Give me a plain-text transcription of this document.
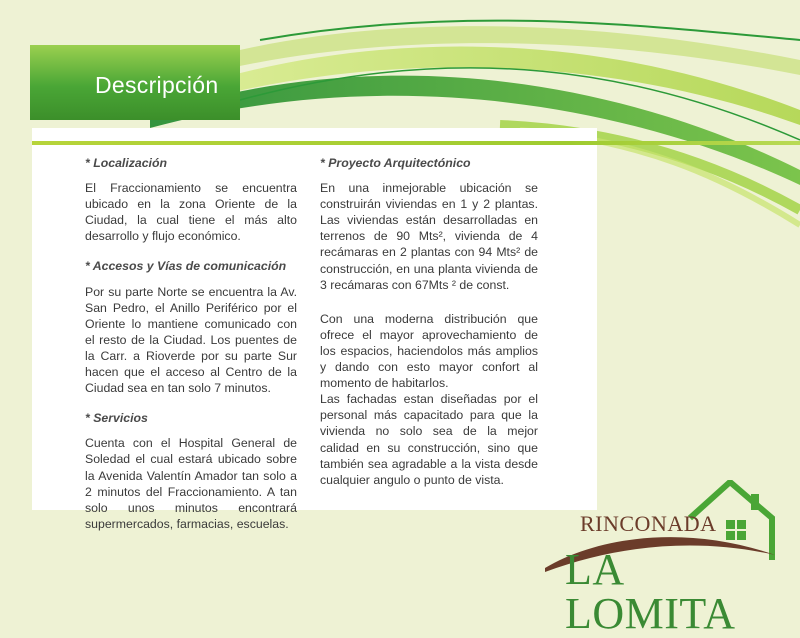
Descripción
* Localización
El Fraccionamiento se encuentra ubicado en la zona Oriente de la Ciudad, la cual tiene el más alto desarrollo y flujo económico.
* Accesos y Vías de comunicación
Por su parte Norte se encuentra la Av. San Pedro, el Anillo Periférico por el Oriente lo mantiene comunicado con el resto de la Ciudad. Los puentes de la Carr. a Rioverde por su parte Sur hacen que el acceso al Centro de la Ciudad sea en tan solo 7 minutos.
* Servicios
Cuenta con el Hospital General de Soledad el cual estará ubicado sobre la Avenida Valentín Amador tan solo a 2 minutos del Fraccionamiento. A tan solo unos minutos encontrará supermercados, farmacias, escuelas.
* Proyecto Arquitectónico
En una inmejorable ubicación se construirán viviendas en 1 y 2 plantas. Las viviendas están desarrolladas en terrenos de 90 Mts², vivienda de 4 recámaras en 2 plantas con 94 Mts² de construcción, en una planta vivienda de 3 recámaras con 67Mts ² de const.
Con una moderna distribución que ofrece el mayor aprovechamiento de los espacios, haciendolos más amplios y dando con esto mayor confort al momento de habitarlos.
Las fachadas estan diseñadas por el personal más capacitado para que la vivienda no solo sea de la mejor calidad en su construcción, sino que también sea agradable a la vista desde cualquier angulo o punto de vista.
RINCONADA
LA LOMITA
